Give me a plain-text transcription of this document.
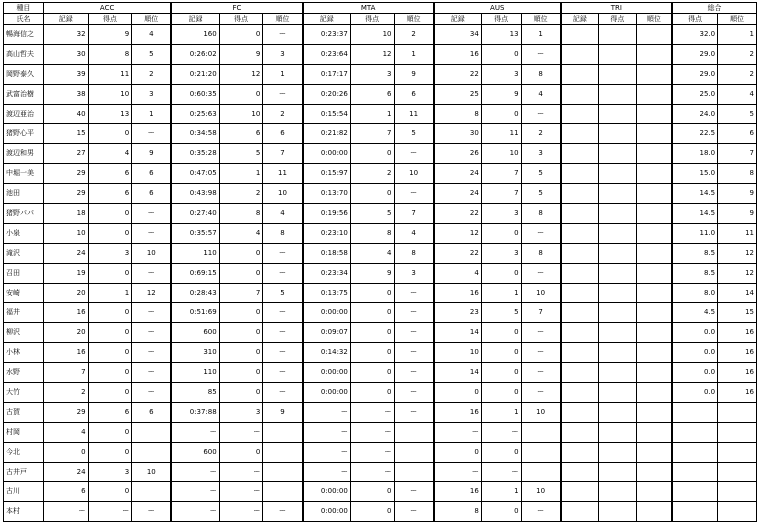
種目	ACC			FC			MTA			AUS			TRI			総合	
氏名	記録	得点	順位	記録	得点	順位	記録	得点	順位	記録	得点	順位	記録	得点	順位	得点	順位
暢海信之	32	9	4	160	0	ー	0:23:37	10	2	34	13	1				32.0	1
高山哲夫	30	8	5	0:26:02	9	3	0:23:64	12	1	16	0	ー				29.0	2
岡野泰久	39	11	2	0:21:20	12	1	0:17:17	3	9	22	3	8				29.0	2
武富治樹	38	10	3	0:60:35	0	ー	0:20:26	6	6	25	9	4				25.0	4
渡辺亜治	40	13	1	0:25:63	10	2	0:15:54	1	11	8	0	ー				24.0	5
猪野心平	15	0	ー	0:34:58	6	6	0:21:82	7	5	30	11	2				22.5	6
渡辺和男	27	4	9	0:35:28	5	7	0:00:00	0	ー	26	10	3				18.0	7
中堀一美	29	6	6	0:47:05	1	11	0:15:97	2	10	24	7	5				15.0	8
池田	29	6	6	0:43:98	2	10	0:13:70	0	ー	24	7	5				14.5	9
猪野パパ	18	0	ー	0:27:40	8	4	0:19:56	5	7	22	3	8				14.5	9
小泉	10	0	ー	0:35:57	4	8	0:23:10	8	4	12	0	ー				11.0	11
滝沢	24	3	10	110	0	ー	0:18:58	4	8	22	3	8				8.5	12
召田	19	0	ー	0:69:15	0	ー	0:23:34	9	3	4	0	ー				8.5	12
安崎	20	1	12	0:28:43	7	5	0:13:75	0	ー	16	1	10				8.0	14
福井	16	0	ー	0:51:69	0	ー	0:00:00	0	ー	23	5	7				4.5	15
柳沢	20	0	ー	600	0	ー	0:09:07	0	ー	14	0	ー				0.0	16
小林	16	0	ー	310	0	ー	0:14:32	0	ー	10	0	ー				0.0	16
水野	7	0	ー	110	0	ー	0:00:00	0	ー	14	0	ー				0.0	16
大竹	2	0	ー	85	0	ー	0:00:00	0	ー	0	0	ー				0.0	16
古賀	29	6	6	0:37:88	3	9	ー	ー	ー	16	1	10					
村岡	4	0		ー	ー		ー	ー		ー	ー						
今北	0	0		600	0		ー	ー		0	0						
古井戸	24	3	10	ー	ー		ー	ー		ー	ー						
古川	6	0		ー	ー		0:00:00	0	ー	16	1	10					
本村	ー	ー	ー	ー	ー	ー	0:00:00	0	ー	8	0	ー					
